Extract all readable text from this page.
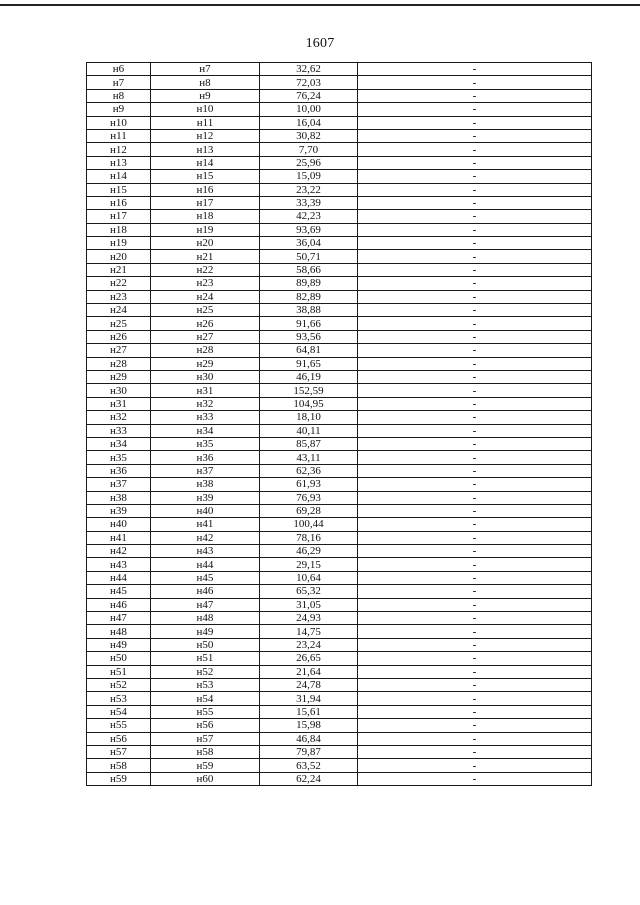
1607
н6	н7	32,62	-
н7	н8	72,03	-
н8	н9	76,24	-
н9	н10	10,00	-
н10	н11	16,04	-
н11	н12	30,82	-
н12	н13	7,70	-
н13	н14	25,96	-
н14	н15	15,09	-
н15	н16	23,22	-
н16	н17	33,39	-
н17	н18	42,23	-
н18	н19	93,69	-
н19	н20	36,04	-
н20	н21	50,71	-
н21	н22	58,66	-
н22	н23	89,89	-
н23	н24	82,89	-
н24	н25	38,88	-
н25	н26	91,66	-
н26	н27	93,56	-
н27	н28	64,81	-
н28	н29	91,65	-
н29	н30	46,19	-
н30	н31	152,59	-
н31	н32	104,95	-
н32	н33	18,10	-
н33	н34	40,11	-
н34	н35	85,87	-
н35	н36	43,11	-
н36	н37	62,36	-
н37	н38	61,93	-
н38	н39	76,93	-
н39	н40	69,28	-
н40	н41	100,44	-
н41	н42	78,16	-
н42	н43	46,29	-
н43	н44	29,15	-
н44	н45	10,64	-
н45	н46	65,32	-
н46	н47	31,05	-
н47	н48	24,93	-
н48	н49	14,75	-
н49	н50	23,24	-
н50	н51	26,65	-
н51	н52	21,64	-
н52	н53	24,78	-
н53	н54	31,94	-
н54	н55	15,61	-
н55	н56	15,98	-
н56	н57	46,84	-
н57	н58	79,87	-
н58	н59	63,52	-
н59	н60	62,24	-
